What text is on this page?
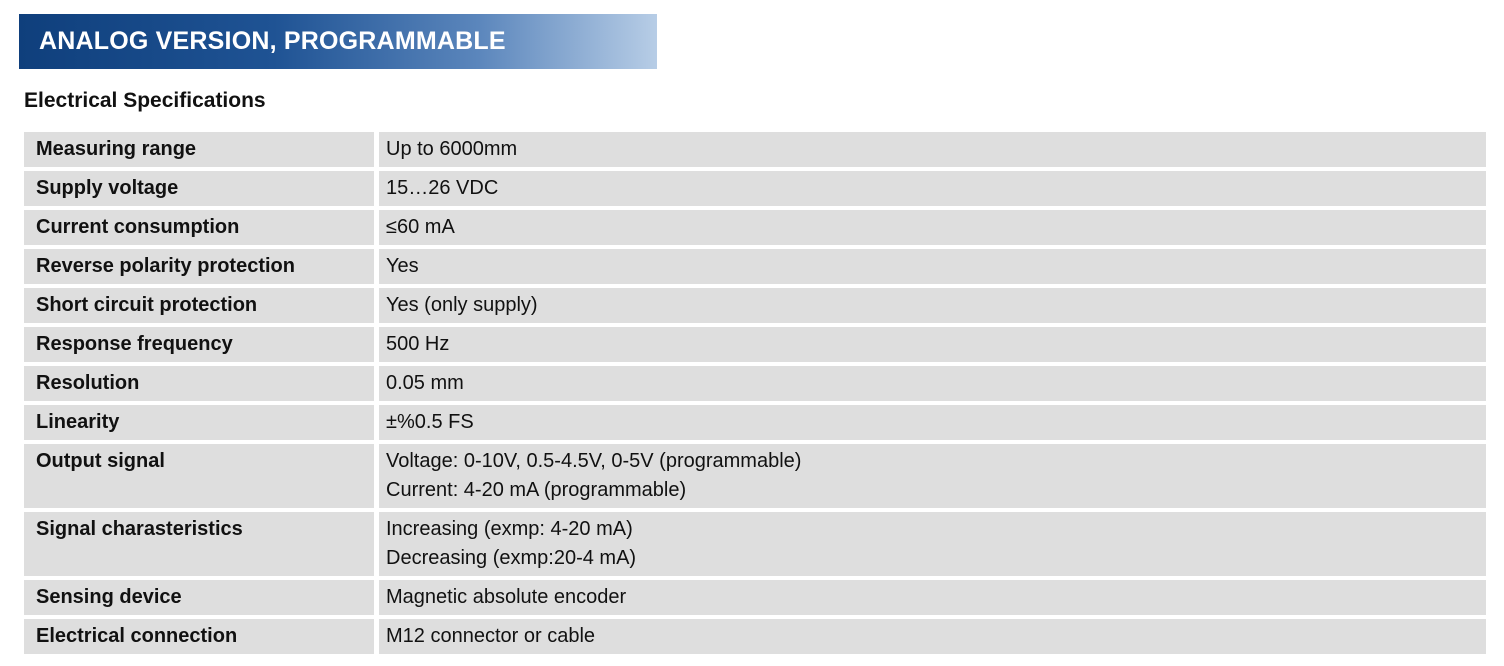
ANALOG VERSION, PROGRAMMABLE
Electrical Specifications
Measuring range	Up to 6000mm
Supply voltage	15…26 VDC
Current consumption	≤60 mA
Reverse polarity protection	Yes
Short circuit protection	Yes (only supply)
Response frequency	500 Hz
Resolution	0.05 mm
Linearity	±%0.5 FS
Output signal	Voltage: 0-10V, 0.5-4.5V, 0-5V (programmable)
Current: 4-20 mA (programmable)
Signal charasteristics	Increasing (exmp: 4-20 mA)
Decreasing (exmp:20-4 mA)
Sensing device	Magnetic absolute encoder
Electrical connection	M12 connector or cable
